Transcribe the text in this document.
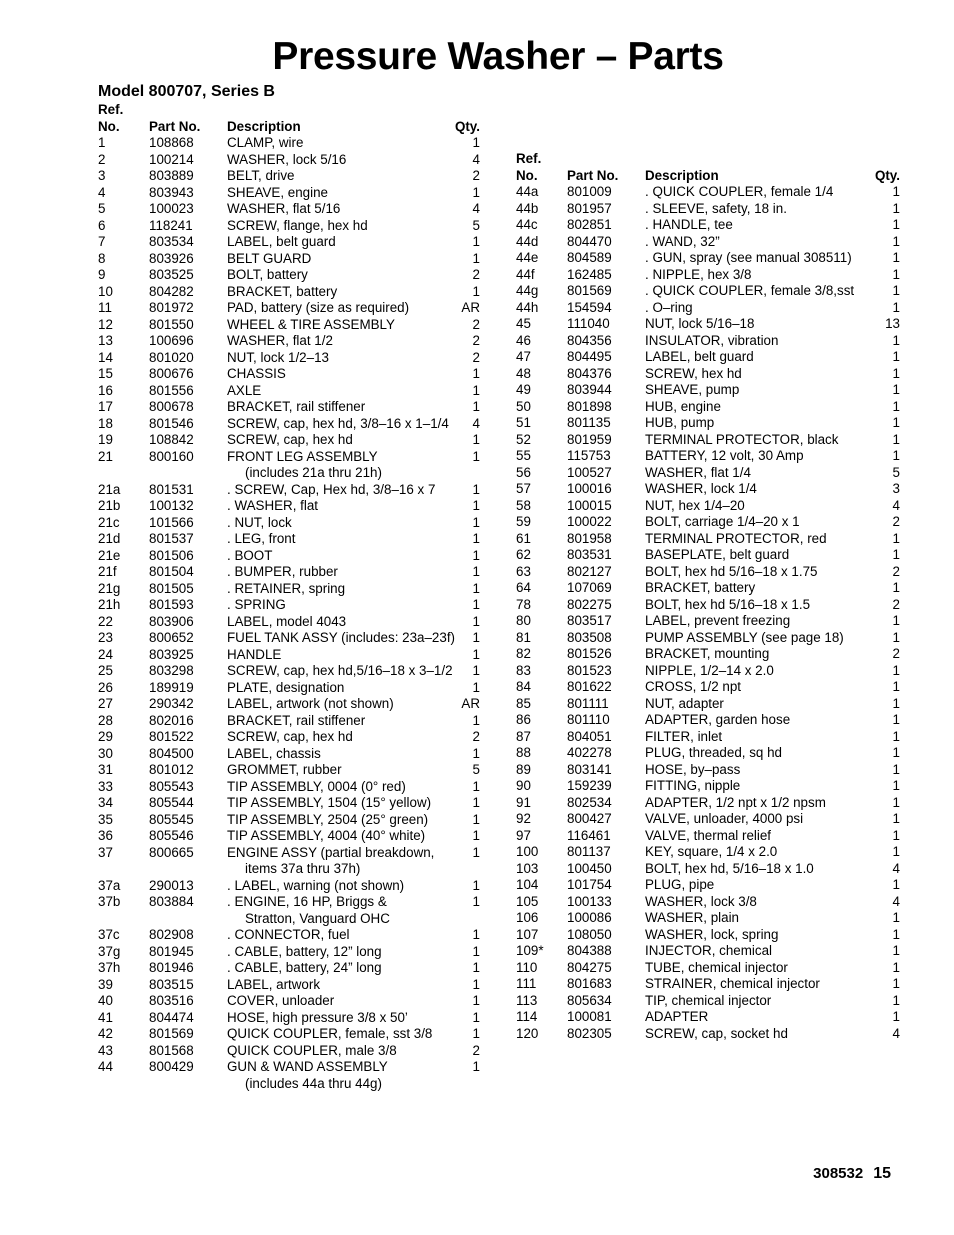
Pressure Washer – Parts
Model 800707, Series B
Ref.
No. Part No. Description	Qty.
1	108868 CLAMP, wire	1
2	100214 WASHER, lock 5/16	4
3	803889 BELT, drive	2
4	803943 SHEAVE, engine	1
5	100023 WASHER, flat 5/16	4
6	118241	SCREW, flange, hex hd	5
7	803534 LABEL, belt guard	1
8	803926 BELT GUARD	1
9	803525 BOLT, battery	2
10	804282 BRACKET, battery	1
11	801972 PAD, battery (size as required)	AR
12	801550 WHEEL & TIRE ASSEMBLY	2
13	100696 WASHER, flat 1/2	2
14	801020 NUT, lock 1/2–13	2
15	800676 CHASSIS	1
16	801556 AXLE	1
17	800678 BRACKET, rail stiffener	1
18	801546 SCREW, cap, hex hd, 3/8–16 x 1–1/4 4
19	108842 SCREW, cap, hex hd	1
21	800160 FRONT LEG ASSEMBLY	1
(includes 21a thru 21h)
21a 801531 . SCREW, Cap, Hex hd, 3/8–16 x 7	1
21b 100132 . WASHER, flat	1
21c 101566 . NUT, lock	1
21d 801537 . LEG, front	1
21e 801506 . BOOT	1
21f 801504 . BUMPER, rubber	1
21g 801505 . RETAINER, spring	1
21h 801593 . SPRING	1
22	803906 LABEL, model 4043	1
23	800652 FUEL TANK ASSY (includes: 23a–23f) 1
24	803925 HANDLE	1
25	803298 SCREW, cap, hex hd,5/16–18 x 3–1/2 1
26	189919 PLATE, designation	1
27	290342 LABEL, artwork (not shown)	AR
28	802016 BRACKET, rail stiffener	1
29	801522 SCREW, cap, hex hd	2
30	804500 LABEL, chassis	1
31	801012 GROMMET, rubber	5
33	805543 TIP ASSEMBLY, 0004 (0° red)	1
34	805544 TIP ASSEMBLY, 1504 (15° yellow)	1
35	805545 TIP ASSEMBLY, 2504 (25° green)	1
36	805546 TIP ASSEMBLY, 4004 (40° white)	1
37	800665 ENGINE ASSY (partial breakdown,	1
items 37a thru 37h)
37a 290013 . LABEL, warning (not shown)	1
37b 803884 . ENGINE, 16 HP, Briggs &	1
Stratton, Vanguard OHC
37c 802908 . CONNECTOR, fuel	1
37g 801945 . CABLE, battery, 12” long	1
37h 801946 . CABLE, battery, 24” long	1
39	803515 LABEL, artwork	1
40	803516 COVER, unloader	1
41	804474 HOSE, high pressure 3/8 x 50’	1
42	801569 QUICK COUPLER, female, sst 3/8	1
43	801568 QUICK COUPLER, male 3/8	2
44	800429 GUN & WAND ASSEMBLY	1
(includes 44a thru 44g)
Ref.
No. Part No. Description	Qty.
44a 801009 . QUICK COUPLER, female 1/4	1
44b 801957 . SLEEVE, safety, 18 in.	1
44c 802851 . HANDLE, tee	1
44d 804470 . WAND, 32”	1
44e 804589 . GUN, spray (see manual 308511)	1
44f 162485 . NIPPLE, hex 3/8	1
44g 801569 . QUICK COUPLER, female 3/8,sst	1
44h 154594 . O–ring	1
45	111040	NUT, lock 5/16–18	13
46	804356 INSULATOR, vibration	1
47	804495 LABEL, belt guard	1
48	804376 SCREW, hex hd	1
49	803944 SHEAVE, pump	1
50	801898 HUB, engine	1
51	801135	HUB, pump	1
52	801959 TERMINAL PROTECTOR, black	1
55	115753	BATTERY, 12 volt, 30 Amp	1
56	100527 WASHER, flat 1/4	5
57	100016 WASHER, lock 1/4	3
58	100015 NUT, hex 1/4–20	4
59	100022 BOLT, carriage 1/4–20 x 1	2
61	801958 TERMINAL PROTECTOR, red	1
62	803531 BASEPLATE, belt guard	1
63	802127 BOLT, hex hd 5/16–18 x 1.75	2
64	107069 BRACKET, battery	1
78	802275 BOLT, hex hd 5/16–18 x 1.5	2
80	803517 LABEL, prevent freezing	1
81	803508 PUMP ASSEMBLY (see page 18)	1
82	801526 BRACKET, mounting	2
83	801523 NIPPLE, 1/2–14 x 2.0	1
84	801622 CROSS, 1/2 npt	1
85	801111	NUT, adapter	1
86	801110	ADAPTER, garden hose	1
87	804051 FILTER, inlet	1
88	402278 PLUG, threaded, sq hd	1
89	803141 HOSE, by–pass	1
90	159239 FITTING, nipple	1
91	802534 ADAPTER, 1/2 npt x 1/2 npsm	1
92	800427 VALVE, unloader, 4000 psi	1
97	116461	VALVE, thermal relief	1
100 801137	KEY, square, 1/4 x 2.0	1
103 100450 BOLT, hex hd, 5/16–18 x 1.0	4
104 101754 PLUG, pipe	1
105 100133 WASHER, lock 3/8	4
106 100086 WASHER, plain	1
107 108050 WASHER, lock, spring	1
109* 804388 INJECTOR, chemical	1
110 804275 TUBE, chemical injector	1
111 801683 STRAINER, chemical injector	1
113 805634 TIP, chemical injector	1
114 100081 ADAPTER	1
120 802305 SCREW, cap, socket hd	4
308532 15
